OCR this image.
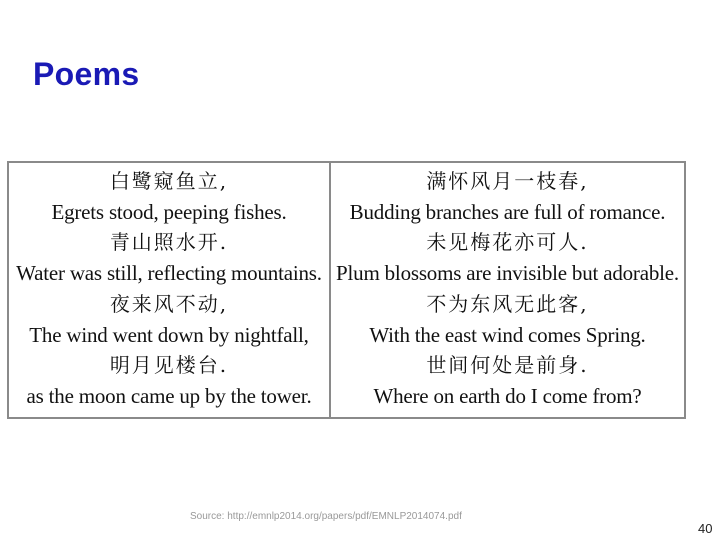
Poems
白鹭窥鱼立,
Egrets stood, peeping fishes.
青山照水开.
Water was still, reflecting mountains.
夜来风不动,
The wind went down by nightfall,
明月见楼台.
as the moon came up by the tower.
满怀风月一枝春,
Budding branches are full of romance.
未见梅花亦可人.
Plum blossoms are invisible but adorable.
不为东风无此客,
With the east wind comes Spring.
世间何处是前身.
Where on earth do I come from?
Source: http://emnlp2014.org/papers/pdf/EMNLP2014074.pdf
40
